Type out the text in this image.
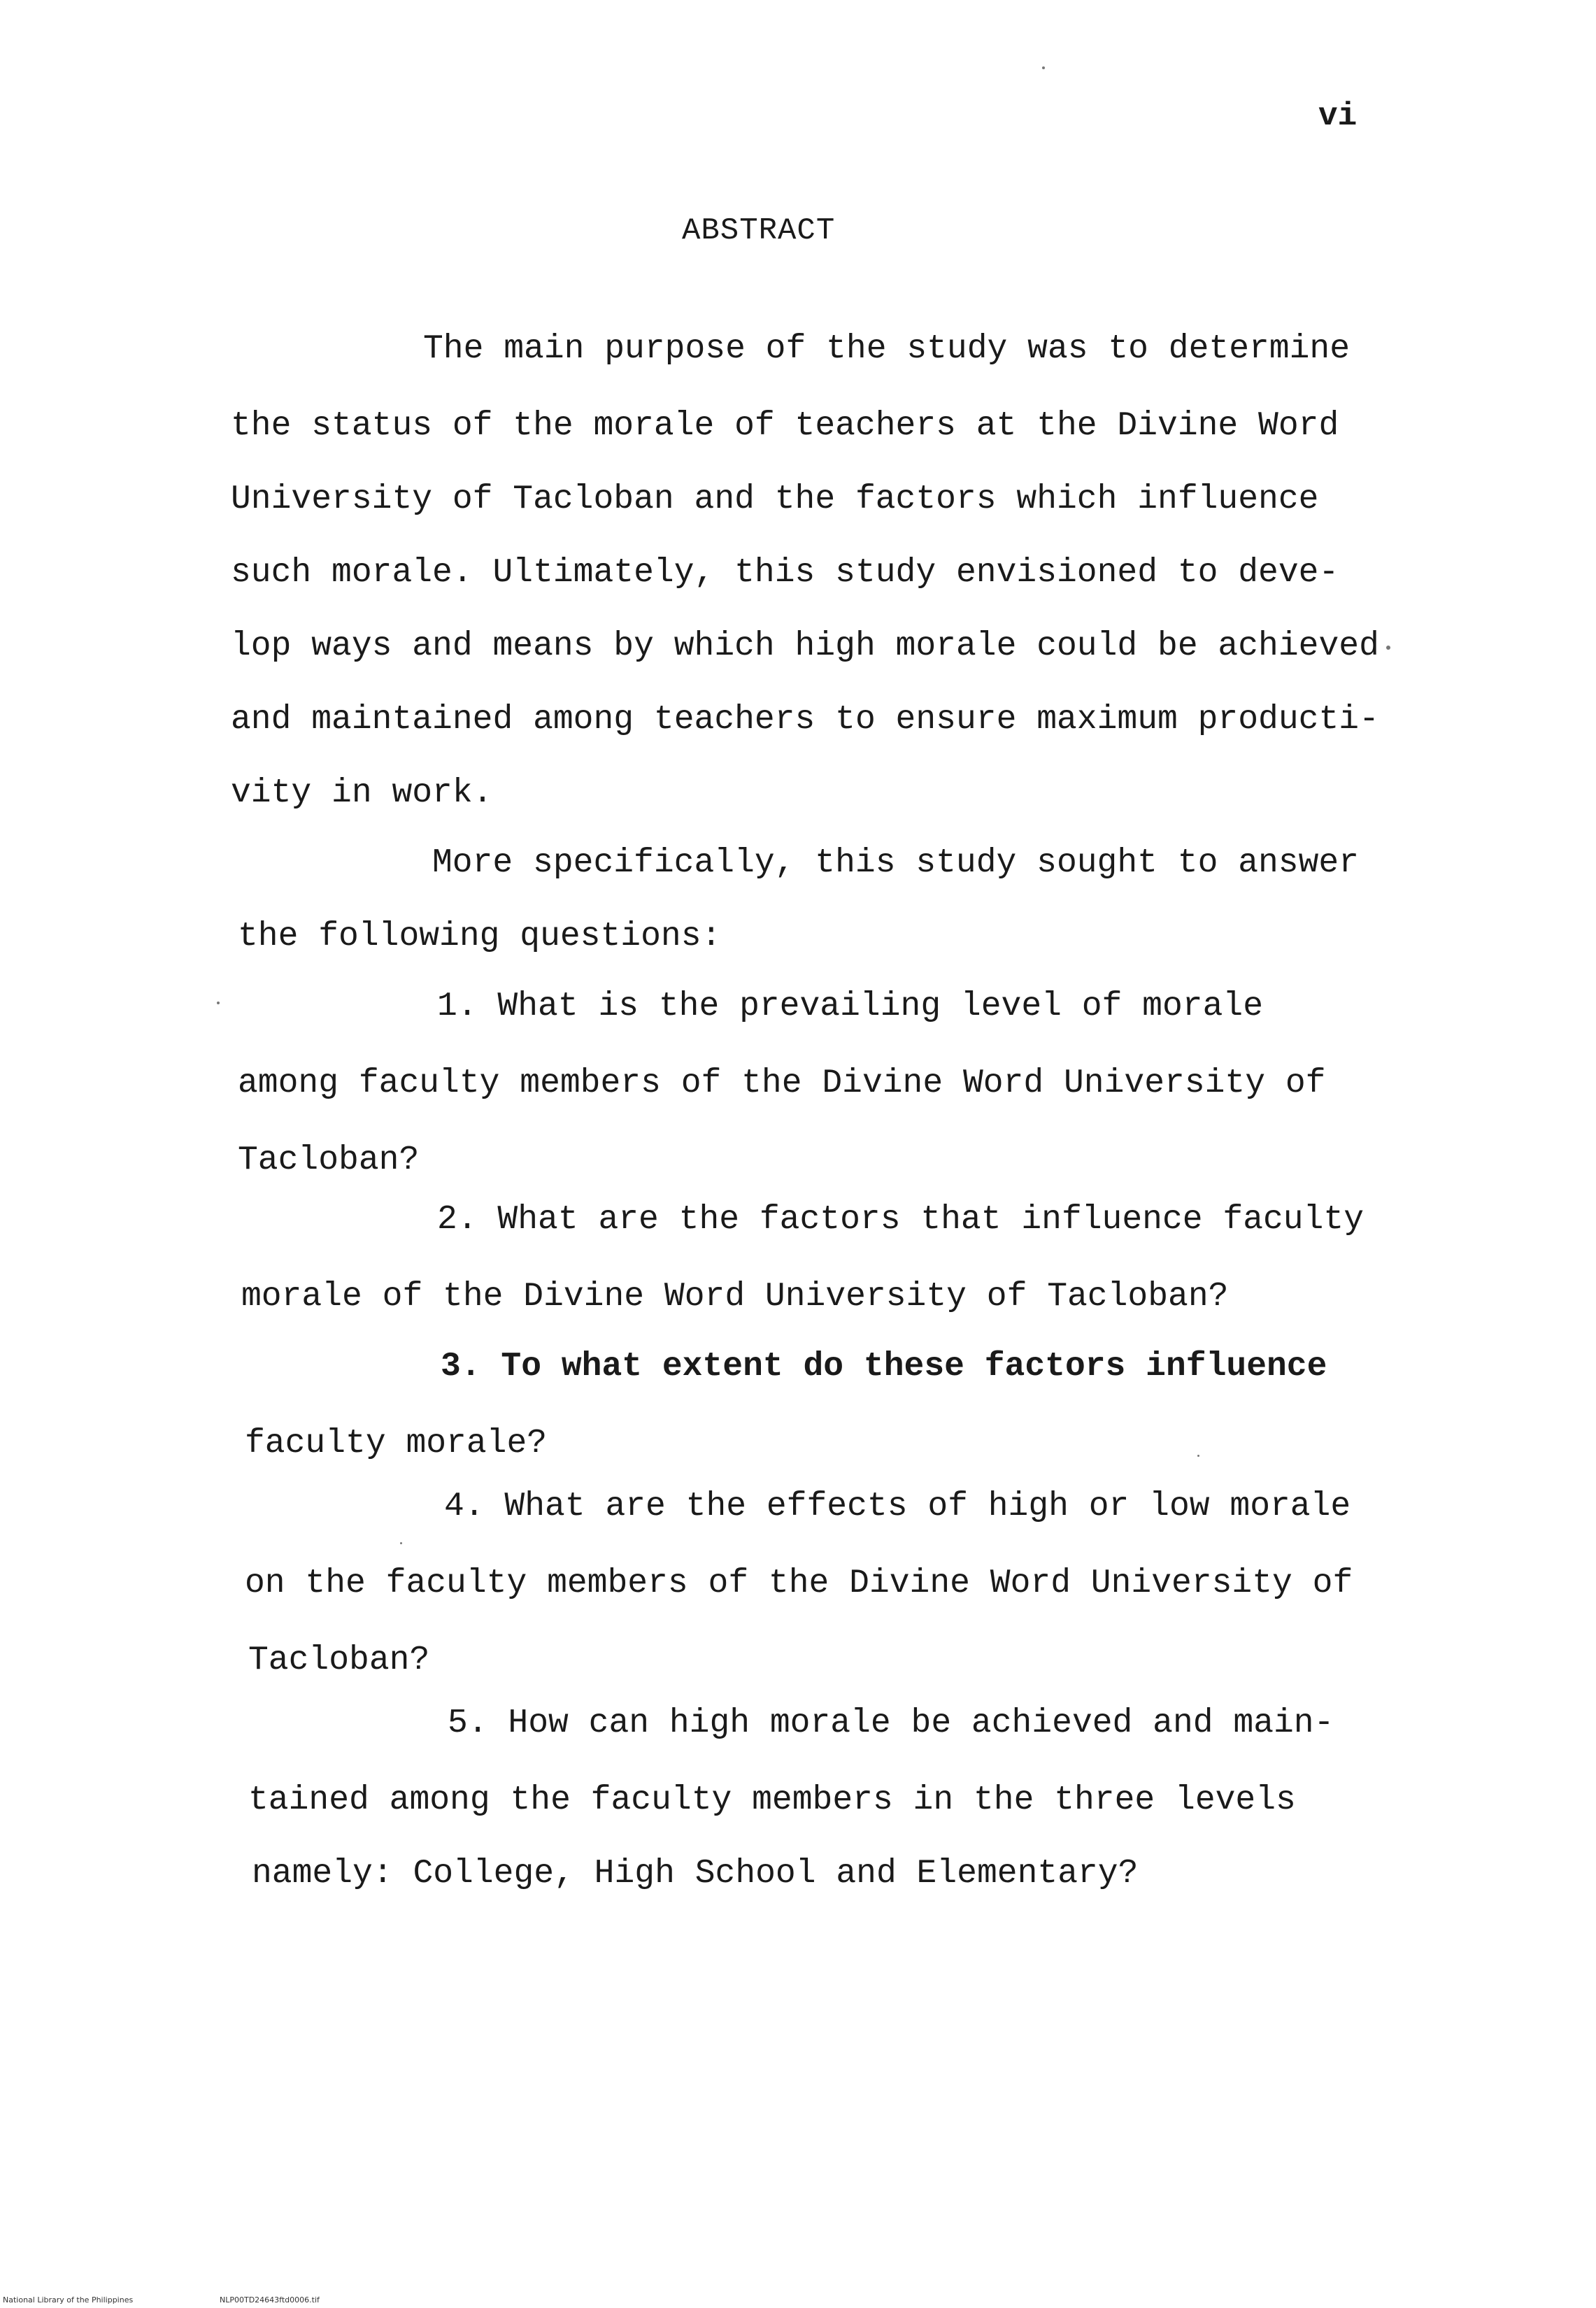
vi
ABSTRACT
The main purpose of the study was to determine
the status of the morale of teachers at the Divine Word
University of Tacloban and the factors which influence
such morale. Ultimately, this study envisioned to deve-
lop ways and means by which high morale could be achieved
and maintained among teachers to ensure maximum producti-
vity in work.
More specifically, this study sought to answer
the following questions:
1. What is the prevailing level of morale
among faculty members of the Divine Word University of
Tacloban?
2. What are the factors that influence faculty
morale of the Divine Word University of Tacloban?
3. To what extent do these factors influence
faculty morale?
4. What are the effects of high or low morale
on the faculty members of the Divine Word University of
Tacloban?
5. How can high morale be achieved and main-
tained among the faculty members in the three levels
namely: College, High School and Elementary?
National Library of the Philippines	NLP00TD24643ftd0006.tif
